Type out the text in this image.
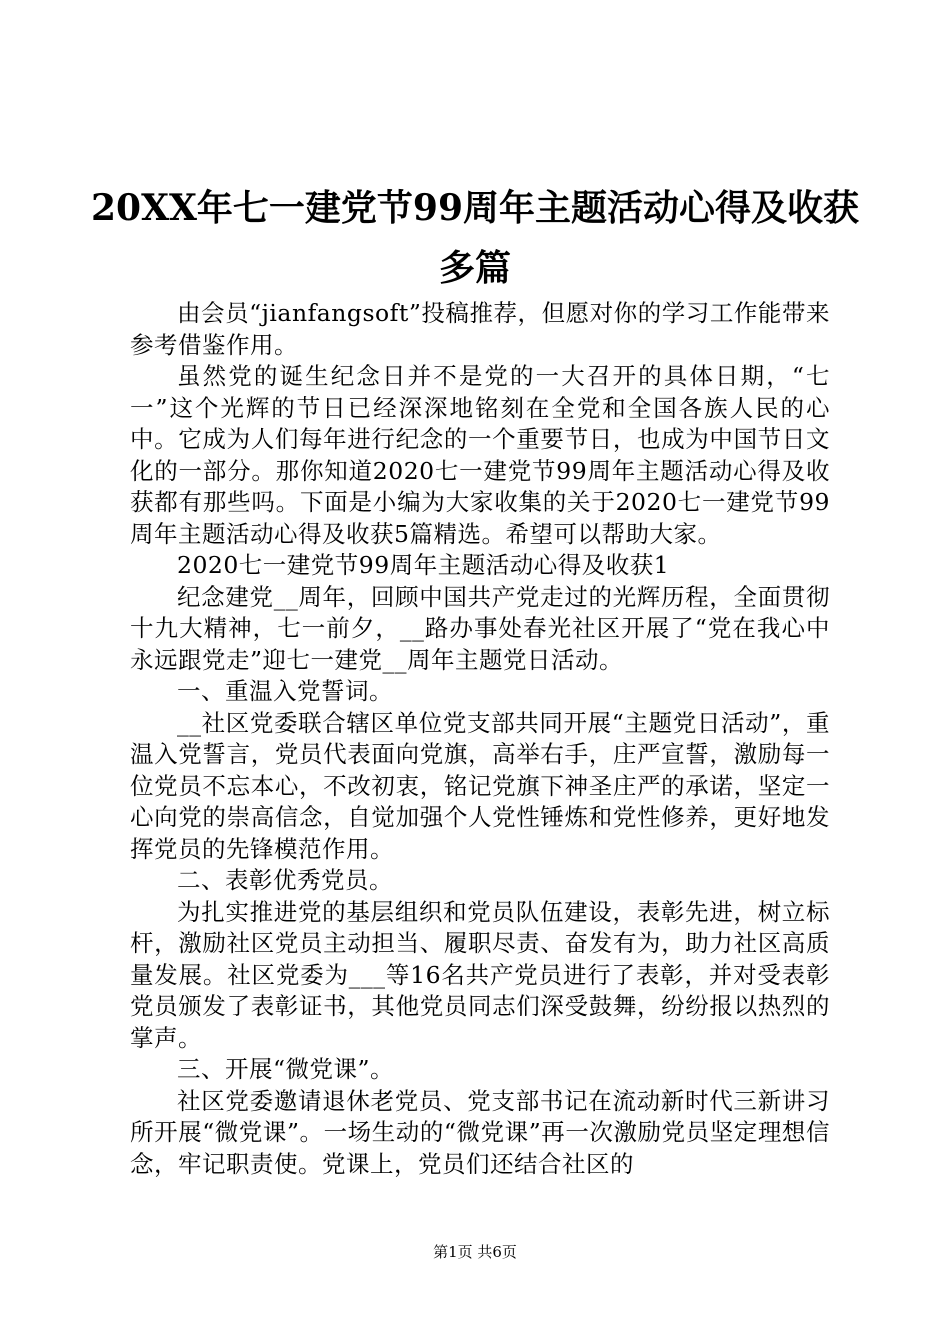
20XX年七一建党节99周年主题活动心得及收获多篇

由会员“jianfangsoft”投稿推荐，但愿对你的学习工作能带来参考借鉴作用。

虽然党的诞生纪念日并不是党的一大召开的具体日期，“七一”这个光辉的节日已经深深地铭刻在全党和全国各族人民的心中。它成为人们每年进行纪念的一个重要节日，也成为中国节日文化的一部分。那你知道2020七一建党节99周年主题活动心得及收获都有那些吗。下面是小编为大家收集的关于2020七一建党节99周年主题活动心得及收获5篇精选。希望可以帮助大家。

2020七一建党节99周年主题活动心得及收获1

纪念建党__周年，回顾中国共产党走过的光辉历程，全面贯彻十九大精神，七一前夕，__路办事处春光社区开展了“党在我心中永远跟党走”迎七一建党__周年主题党日活动。

一、重温入党誓词。

__社区党委联合辖区单位党支部共同开展“主题党日活动”，重温入党誓言，党员代表面向党旗，高举右手，庄严宣誓，激励每一位党员不忘本心，不改初衷，铭记党旗下神圣庄严的承诺，坚定一心向党的崇高信念，自觉加强个人党性锤炼和党性修养，更好地发挥党员的先锋模范作用。

二、表彰优秀党员。

为扎实推进党的基层组织和党员队伍建设，表彰先进，树立标杆，激励社区党员主动担当、履职尽责、奋发有为，助力社区高质量发展。社区党委为___等16名共产党员进行了表彰，并对受表彰党员颁发了表彰证书，其他党员同志们深受鼓舞，纷纷报以热烈的掌声。

三、开展“微党课”。

社区党委邀请退休老党员、党支部书记在流动新时代三新讲习所开展“微党课”。一场生动的“微党课”再一次激励党员坚定理想信念，牢记职责使。党课上，党员们还结合社区的

第1页 共6页
